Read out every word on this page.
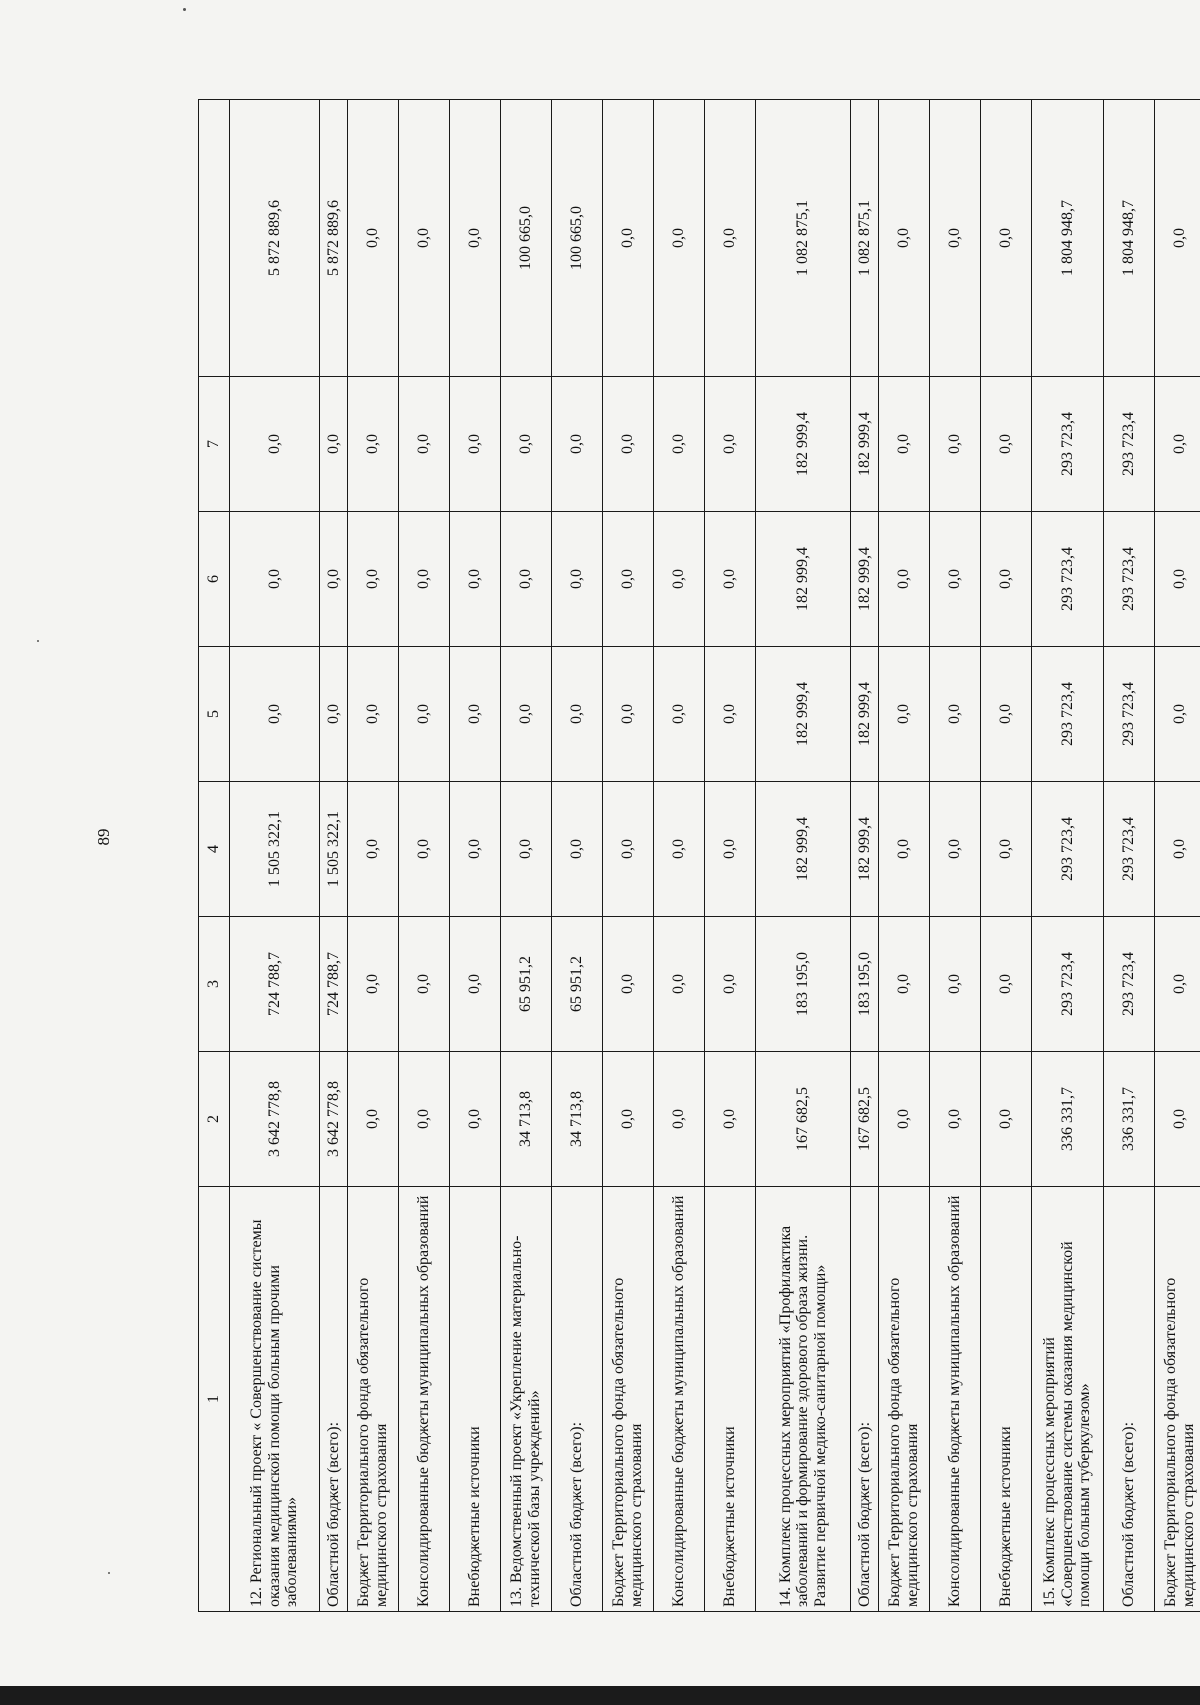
89
1	2	3	4	5	6	7	
12. Региональный проект « Совершенствование системы оказания медицинской помощи больным прочими заболеваниями»	3 642 778,8	724 788,7	1 505 322,1	0,0	0,0	0,0	5 872 889,6
Областной бюджет (всего):	3 642 778,8	724 788,7	1 505 322,1	0,0	0,0	0,0	5 872 889,6
Бюджет Территориального фонда обязательного медицинского страхования	0,0	0,0	0,0	0,0	0,0	0,0	0,0
Консолидированные бюджеты муниципальных образований	0,0	0,0	0,0	0,0	0,0	0,0	0,0
Внебюджетные источники	0,0	0,0	0,0	0,0	0,0	0,0	0,0
13. Ведомственный проект «Укрепление материально-технической базы учреждений»	34 713,8	65 951,2	0,0	0,0	0,0	0,0	100 665,0
Областной бюджет (всего):	34 713,8	65 951,2	0,0	0,0	0,0	0,0	100 665,0
Бюджет Территориального фонда обязательного медицинского страхования	0,0	0,0	0,0	0,0	0,0	0,0	0,0
Консолидированные бюджеты муниципальных образований	0,0	0,0	0,0	0,0	0,0	0,0	0,0
Внебюджетные источники	0,0	0,0	0,0	0,0	0,0	0,0	0,0
14. Комплекс процессных мероприятий «Профилактика заболеваний и формирование здорового образа жизни. Развитие первичной медико-санитарной помощи»	167 682,5	183 195,0	182 999,4	182 999,4	182 999,4	182 999,4	1 082 875,1
Областной бюджет (всего):	167 682,5	183 195,0	182 999,4	182 999,4	182 999,4	182 999,4	1 082 875,1
Бюджет Территориального фонда обязательного медицинского страхования	0,0	0,0	0,0	0,0	0,0	0,0	0,0
Консолидированные бюджеты муниципальных образований	0,0	0,0	0,0	0,0	0,0	0,0	0,0
Внебюджетные источники	0,0	0,0	0,0	0,0	0,0	0,0	0,0
15. Комплекс процессных мероприятий «Совершенствование системы оказания медицинской помощи больным туберкулезом»	336 331,7	293 723,4	293 723,4	293 723,4	293 723,4	293 723,4	1 804 948,7
Областной бюджет (всего):	336 331,7	293 723,4	293 723,4	293 723,4	293 723,4	293 723,4	1 804 948,7
Бюджет Территориального фонда обязательного медицинского страхования	0,0	0,0	0,0	0,0	0,0	0,0	0,0
